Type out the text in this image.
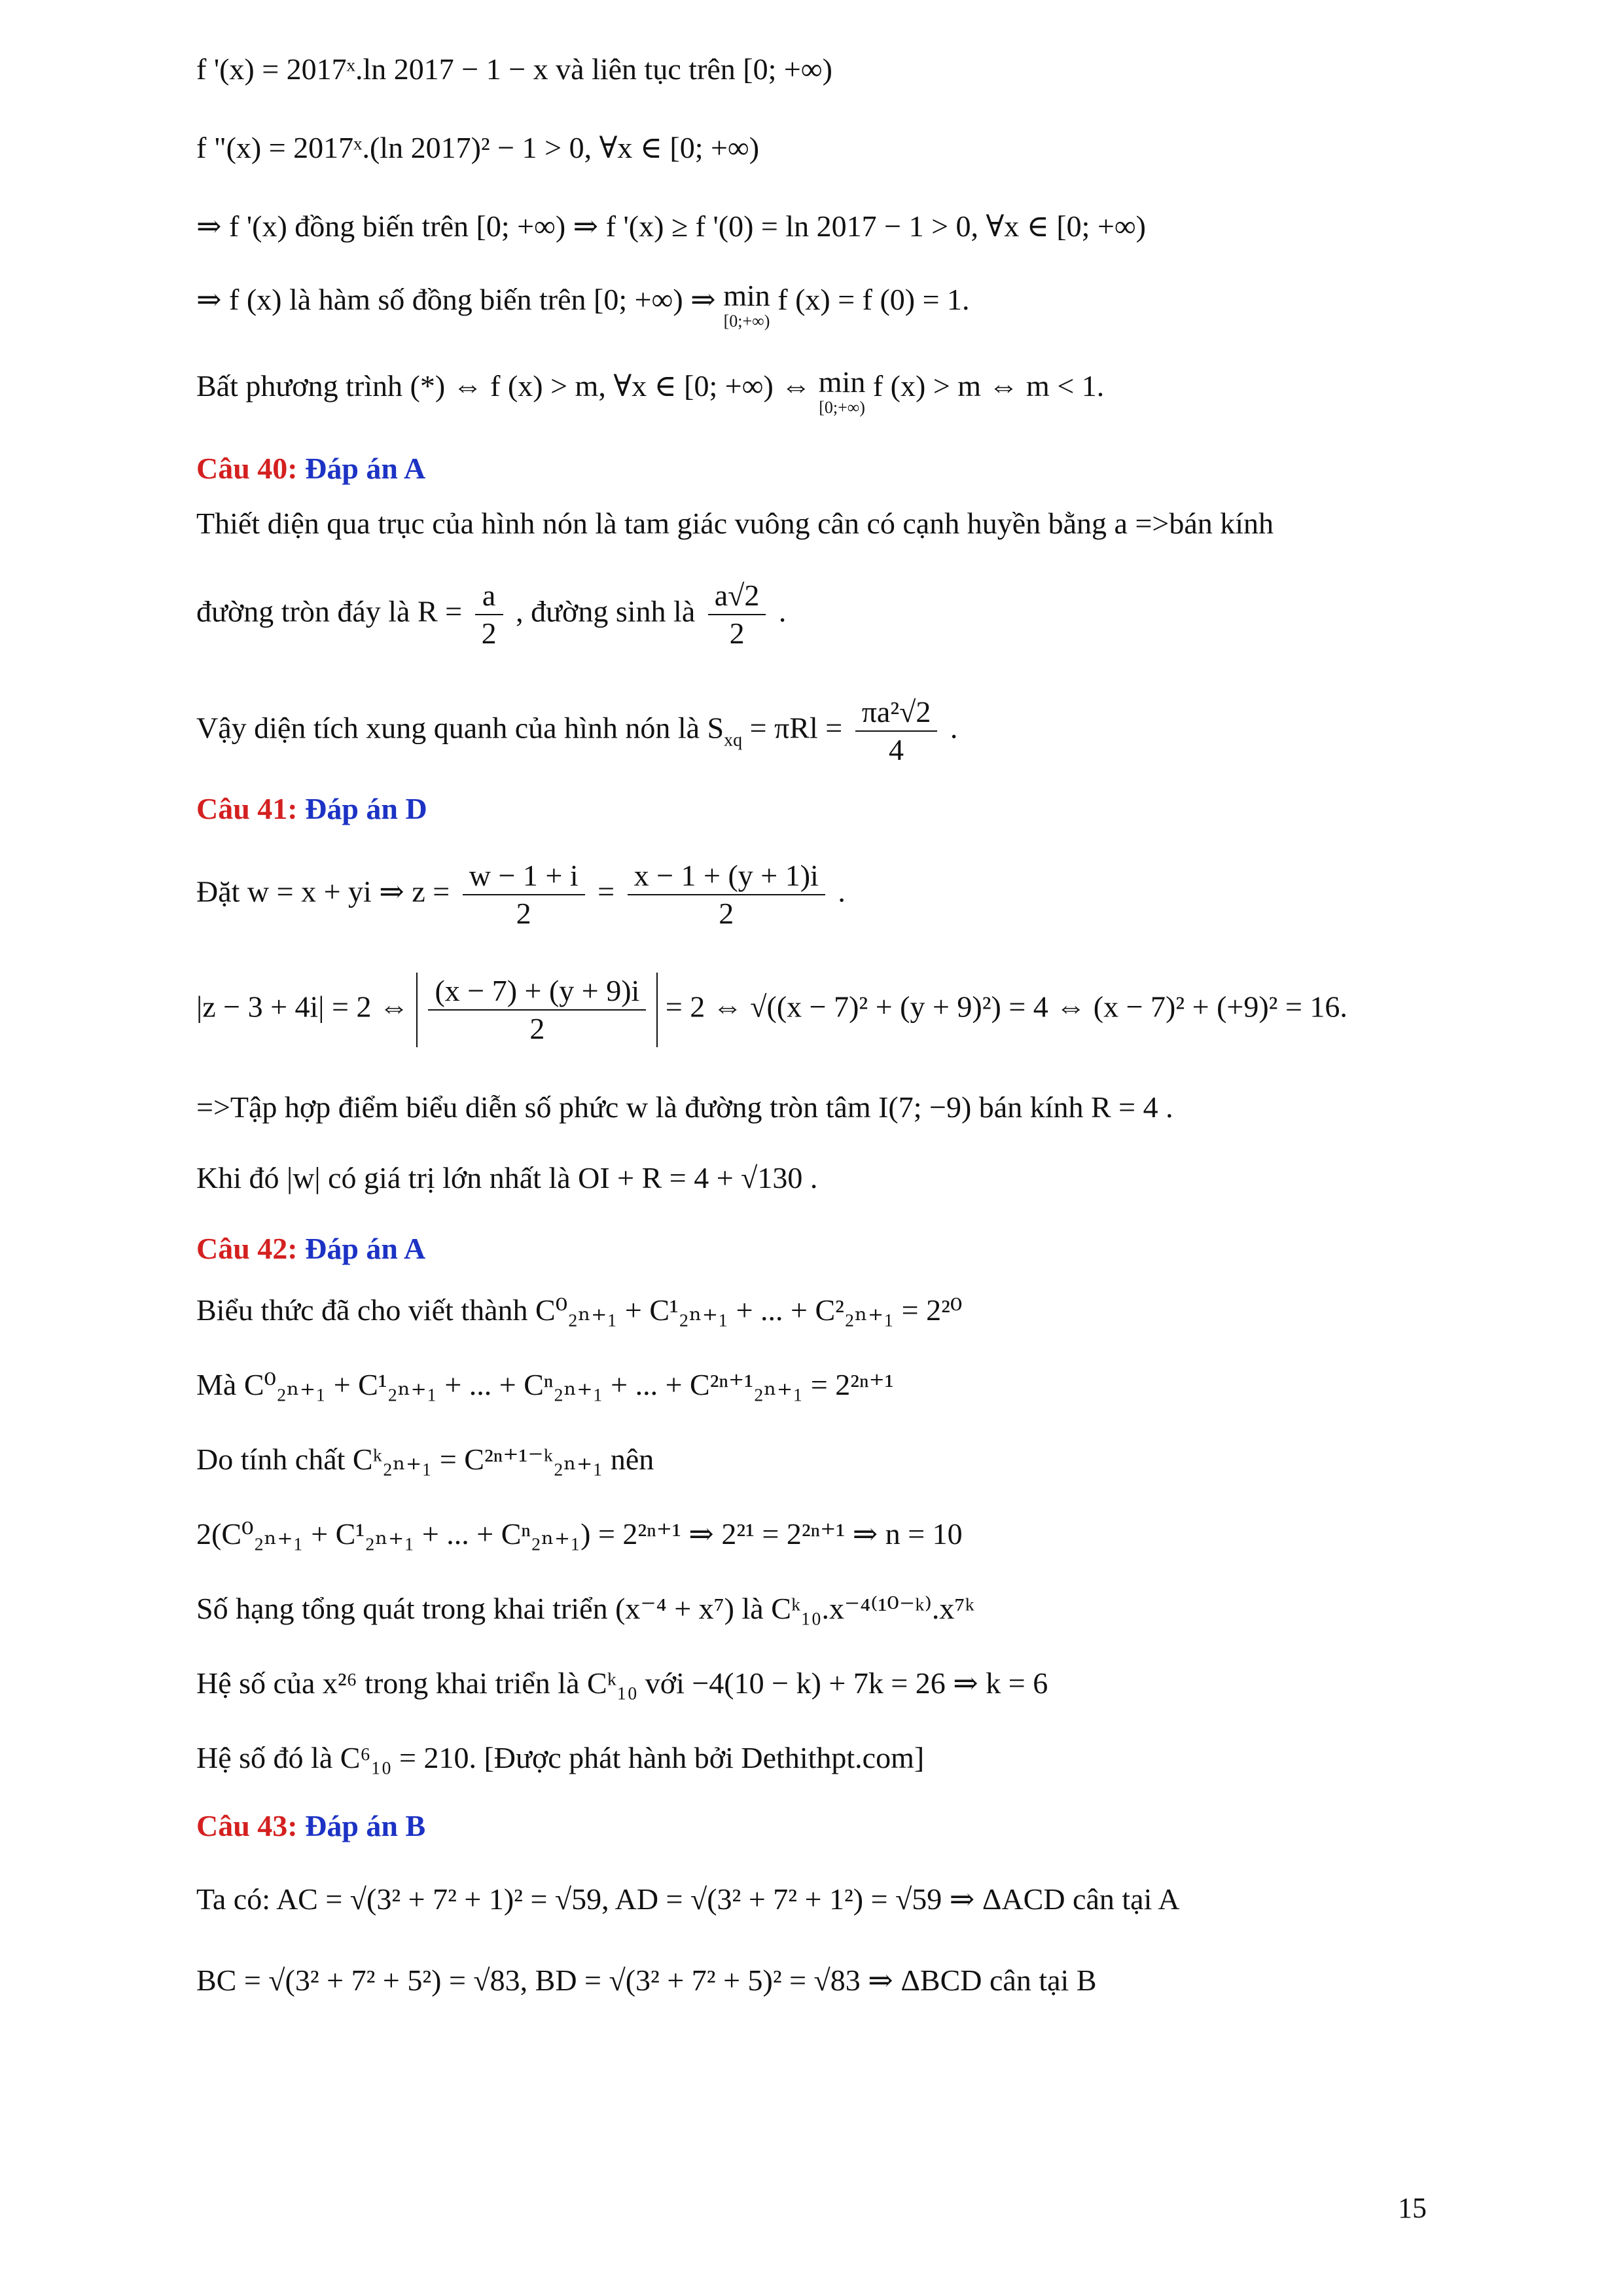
f '(x) = 2017ˣ.ln 2017 − 1 − x và liên tục trên [0; +∞)
f "(x) = 2017ˣ.(ln 2017)² − 1 > 0, ∀x ∈ [0; +∞)
⇒ f '(x) đồng biến trên [0; +∞) ⇒ f '(x) ≥ f '(0) = ln 2017 − 1 > 0, ∀x ∈ [0; +∞)
⇒ f (x) là hàm số đồng biến trên [0; +∞) ⇒ min
[0;+∞)
f (x) = f (0) = 1.
Bất phương trình (*) ⇔ f (x) > m, ∀x ∈ [0; +∞) ⇔ min
[0;+∞)
f (x) > m ⇔ m < 1.
Câu 40: Đáp án A
Thiết diện qua trục của hình nón là tam giác vuông cân có cạnh huyền bằng a =>bán kính
đường tròn đáy là $R = \frac{a}{2}$ , đường sinh là $\frac{a√2}{2}$ .
Vậy diện tích xung quanh của hình nón là $S_{xq} = \pi Rl = \frac{\text{πa²√2}}{4}$ .
Câu 41: Đáp án D
Đặt w = x + yi ⇒ $z = \frac{w - 1 + i}{2} = \frac{x - 1 + (y + 1)i}{2}$ .
|z − 3 + 4i| = 2 ⇔ $\frac{(x - 7) + (y + 9)i}{2} = 2$ ⇔ √((x − 7)² + (y + 9)²) = 4 ⇔ (x − 7)² + (+9)² = 16.
=>Tập hợp điểm biểu diễn số phức w là đường tròn tâm I(7; −9) bán kính R = 4 .
Khi đó |w| có giá trị lớn nhất là OI + R = 4 + √130 .
Câu 42: Đáp án A
Biểu thức đã cho viết thành C⁰₂ₙ₊₁ + C¹₂ₙ₊₁ + ... + C²₂ₙ₊₁ = 2²⁰
Mà C⁰₂ₙ₊₁ + C¹₂ₙ₊₁ + ... + Cⁿ₂ₙ₊₁ + ... + C²ⁿ⁺¹₂ₙ₊₁ = 2²ⁿ⁺¹
Do tính chất Cᵏ₂ₙ₊₁ = C²ⁿ⁺¹⁻ᵏ₂ₙ₊₁ nên
2(C⁰₂ₙ₊₁ + C¹₂ₙ₊₁ + ... + Cⁿ₂ₙ₊₁) = 2²ⁿ⁺¹ ⇒ 2²¹ = 2²ⁿ⁺¹ ⇒ n = 10
Số hạng tổng quát trong khai triển (x⁻⁴ + x⁷) là Cᵏ₁₀.x⁻⁴⁽¹⁰⁻ᵏ⁾.x⁷ᵏ
Hệ số của x²⁶ trong khai triển là Cᵏ₁₀ với −4(10 − k) + 7k = 26 ⇒ k = 6
Hệ số đó là C⁶₁₀ = 210. [Được phát hành bởi Dethithpt.com]
Câu 43: Đáp án B
Ta có: AC = √(3² + 7² + 1)² = √59, AD = √(3² + 7² + 1²) = √59 ⇒ ΔACD cân tại A
BC = √(3² + 7² + 5²) = √83, BD = √(3² + 7² + 5)² = √83 ⇒ ΔBCD cân tại B
15
